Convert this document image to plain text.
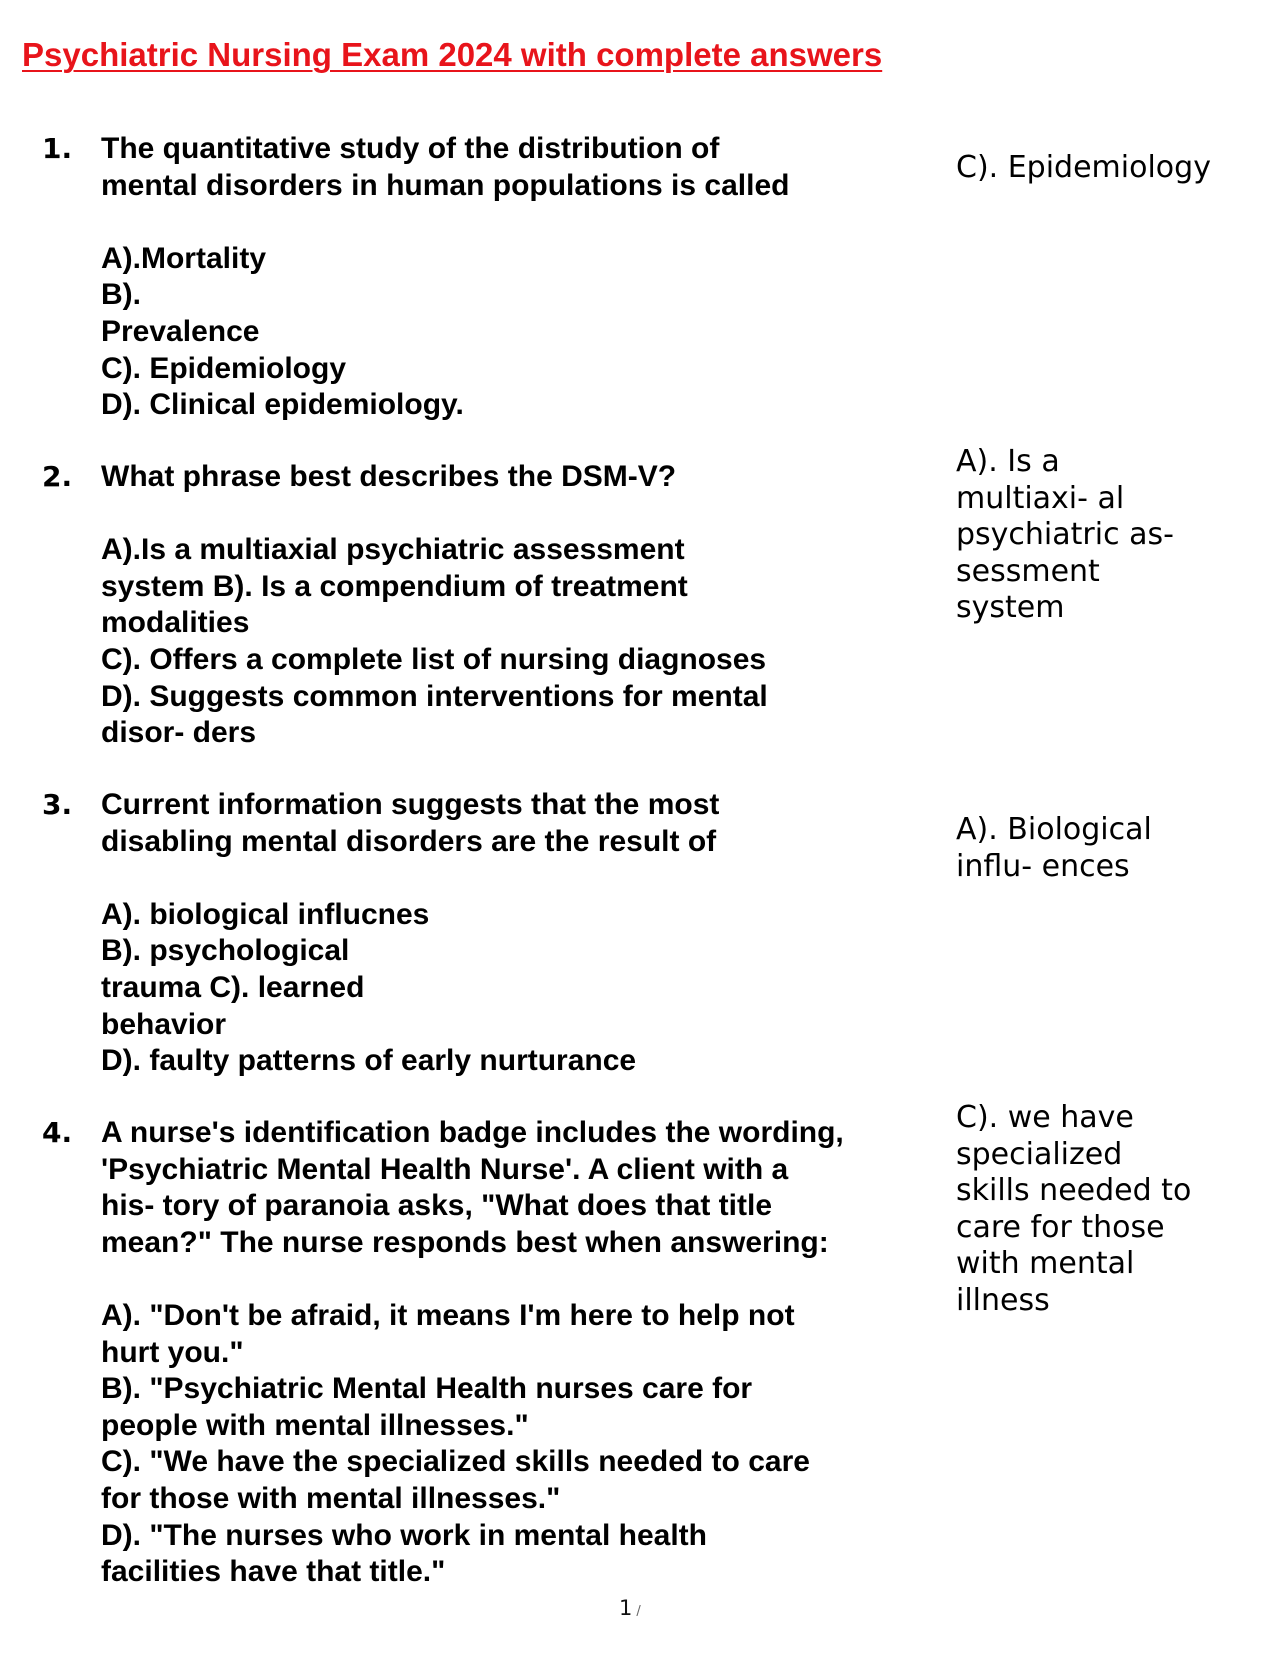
Psychiatric Nursing Exam 2024 with complete answers
1. The quantitative study of the distribution of
mental disorders in human populations is called

A).Mortality
B).
Prevalence
C). Epidemiology
D). Clinical epidemiology.
C). Epidemiology
2. What phrase best describes the DSM-V?

A).Is a multiaxial psychiatric assessment
system B). Is a compendium of treatment
modalities
C). Offers a complete list of nursing diagnoses
D). Suggests common interventions for mental
disor- ders
A). Is a
multiaxi- al
psychiatric as-
sessment
system
3. Current information suggests that the most
disabling mental disorders are the result of

A). biological influcnes
B). psychological
trauma C). learned
behavior
D). faulty patterns of early nurturance
A). Biological
influ- ences
4. A nurse's identification badge includes the wording,
'Psychiatric Mental Health Nurse'. A client with a
his- tory of paranoia asks, "What does that title
mean?" The nurse responds best when answering:

A). "Don't be afraid, it means I'm here to help not
hurt you."
B). "Psychiatric Mental Health nurses care for
people with mental illnesses."
C). "We have the specialized skills needed to care
for those with mental illnesses."
D). "The nurses who work in mental health
facilities have that title."
C). we have
specialized
skills needed to
care for those
with mental
illness
1 /
